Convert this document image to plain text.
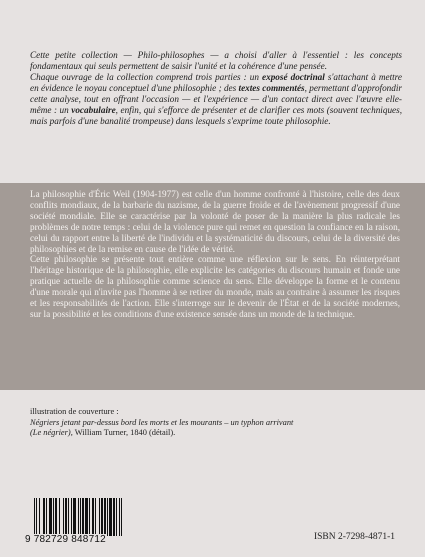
Cette petite collection — Philo-philosophes — a choisi d'aller à l'essentiel : les concepts fondamentaux qui seuls permettent de saisir l'unité et la cohérence d'une pensée.

Chaque ouvrage de la collection comprend trois parties : un exposé doctrinal s'attachant à mettre en évidence le noyau conceptuel d'une philosophie ; des textes commentés, permettant d'approfondir cette analyse, tout en offrant l'occasion — et l'expérience — d'un contact direct avec l'œuvre elle-même : un vocabulaire, enfin, qui s'efforce de présenter et de clarifier ces mots (souvent techniques, mais parfois d'une banalité trompeuse) dans lesquels s'exprime toute philosophie.

La philosophie d'Éric Weil (1904-1977) est celle d'un homme confronté à l'histoire, celle des deux conflits mondiaux, de la barbarie du nazisme, de la guerre froide et de l'avènement progressif d'une société mondiale. Elle se caractérise par la volonté de poser de la manière la plus radicale les problèmes de notre temps : celui de la violence pure qui remet en question la confiance en la raison, celui du rapport entre la liberté de l'individu et la systématicité du discours, celui de la diversité des philosophies et de la remise en cause de l'idée de vérité.

Cette philosophie se présente tout entière comme une réflexion sur le sens. En réinterprétant l'héritage historique de la philosophie, elle explicite les catégories du discours humain et fonde une pratique actuelle de la philosophie comme science du sens. Elle développe la forme et le contenu d'une morale qui n'invite pas l'homme à se retirer du monde, mais au contraire à assumer les risques et les responsabilités de l'action. Elle s'interroge sur le devenir de l'État et de la société modernes, sur la possibilité et les conditions d'une existence sensée dans un monde de la technique.

illustration de couverture :

Négriers jetant par-dessus bord les morts et les mourants – un typhon arrivant

(Le négrier), William Turner, 1840 (détail).

9 782729 848712	ISBN 2-7298-4871-1
